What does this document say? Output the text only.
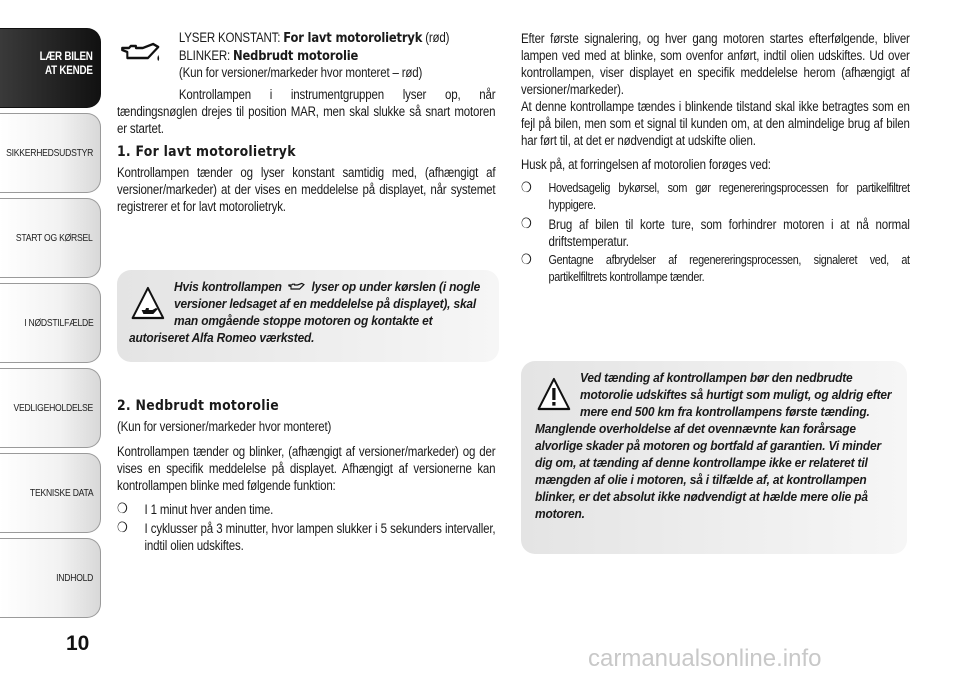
LÆR BILEN
AT KENDE
SIKKERHEDSUDSTYR
START OG KØRSEL
I NØDSTILFÆLDE
VEDLIGEHOLDELSE
TEKNISKE DATA
INDHOLD
10
LYSER KONSTANT: For lavt motorolietryk (rød)
BLINKER: Nedbrudt motorolie
(Kun for versioner/markeder hvor monteret – rød)

Kontrollampen i instrumentgruppen lyser op, når tændingsnøglen drejes til position MAR, men skal slukke så snart motoren er startet.

1. For lavt motorolietryk

Kontrollampen tænder og lyser konstant samtidig med, (afhængigt af versioner/markeder) at der vises en meddelelse på displayet, når systemet registrerer et for lavt motorolietryk.

Hvis kontrollampen  lyser op under kørslen (i nogle versioner ledsaget af en meddelelse på displayet), skal man omgående stoppe motoren og kontakte et autoriseret Alfa Romeo værksted.
2. Nedbrudt motorolie

(Kun for versioner/markeder hvor monteret)

Kontrollampen tænder og blinker, (afhængigt af versioner/markeder) og der vises en specifik meddelelse på displayet. Afhængigt af versionerne kan kontrollampen blinke med følgende funktion:

❍ I 1 minut hver anden time.
❍ I cyklusser på 3 minutter, hvor lampen slukker i 5 sekunders intervaller, indtil olien udskiftes.

Efter første signalering, og hver gang motoren startes efterfølgende, bliver lampen ved med at blinke, som ovenfor anført, indtil olien udskiftes. Ud over kontrollampen, viser displayet en specifik meddelelse herom (afhængigt af versioner/markeder).

At denne kontrollampe tændes i blinkende tilstand skal ikke betragtes som en fejl på bilen, men som et signal til kunden om, at den almindelige brug af bilen har ført til, at det er nødvendigt at udskifte olien.

Husk på, at forringelsen af motorolien forøges ved:

❍ Hovedsagelig bykørsel, som gør regenereringsprocessen for partikelfiltret hyppigere.
❍ Brug af bilen til korte ture, som forhindrer motoren i at nå normal driftstemperatur.
❍ Gentagne afbrydelser af regenereringsprocessen, signaleret ved, at partikelfiltrets kontrollampe tænder.
Ved tænding af kontrollampen bør den nedbrudte motorolie udskiftes så hurtigt som muligt, og aldrig efter mere end 500 km fra kontrollampens første tænding. Manglende overholdelse af det ovennævnte kan forårsage alvorlige skader på motoren og bortfald af garantien. Vi minder dig om, at tænding af denne kontrollampe ikke er relateret til mængden af olie i motoren, så i tilfælde af, at kontrollampen blinker, er det absolut ikke nødvendigt at hælde mere olie på motoren.
carmanualsonline.info
